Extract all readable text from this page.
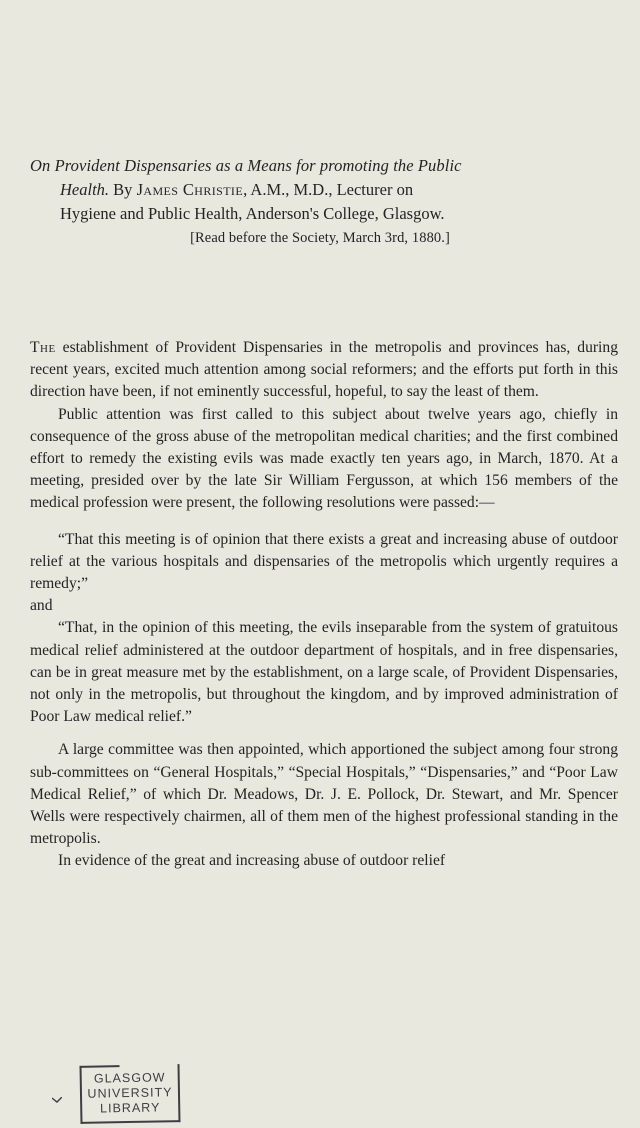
On Provident Dispensaries as a Means for promoting the Public
Health. By James Christie, A.M., M.D., Lecturer on
Hygiene and Public Health, Anderson's College, Glasgow.
[Read before the Society, March 3rd, 1880.]

The establishment of Provident Dispensaries in the metropolis and provinces has, during recent years, excited much attention among social reformers; and the efforts put forth in this direction have been, if not eminently successful, hopeful, to say the least of them.

Public attention was first called to this subject about twelve years ago, chiefly in consequence of the gross abuse of the metropolitan medical charities; and the first combined effort to remedy the existing evils was made exactly ten years ago, in March, 1870. At a meeting, presided over by the late Sir William Fergusson, at which 156 members of the medical profession were present, the following resolutions were passed:—

“That this meeting is of opinion that there exists a great and increasing abuse of outdoor relief at the various hospitals and dispensaries of the metropolis which urgently requires a remedy;”

and

“That, in the opinion of this meeting, the evils inseparable from the system of gratuitous medical relief administered at the outdoor department of hospitals, and in free dispensaries, can be in great measure met by the establishment, on a large scale, of Provident Dispensaries, not only in the metropolis, but throughout the kingdom, and by improved administration of Poor Law medical relief.”

A large committee was then appointed, which apportioned the subject among four strong sub-committees on “General Hospitals,” “Special Hospitals,” “Dispensaries,” and “Poor Law Medical Relief,” of which Dr. Meadows, Dr. J. E. Pollock, Dr. Stewart, and Mr. Spencer Wells were respectively chairmen, all of them men of the highest professional standing in the metropolis.

In evidence of the great and increasing abuse of outdoor relief

GLASGOW
UNIVERSITY
LIBRARY
